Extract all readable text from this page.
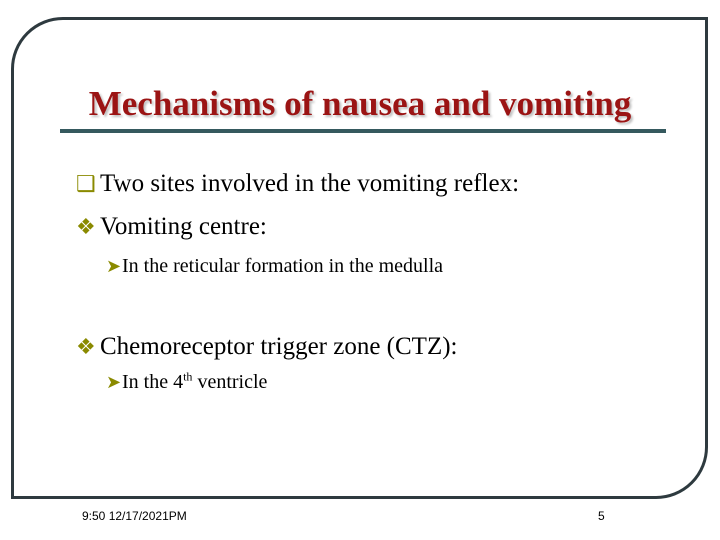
Mechanisms of nausea and vomiting
❑ Two sites involved in the vomiting reflex:
❖ Vomiting centre:
➤In the reticular formation in the medulla
❖ Chemoreceptor trigger zone (CTZ):
➤In the 4th ventricle
9:50 12/17/2021PM	5
